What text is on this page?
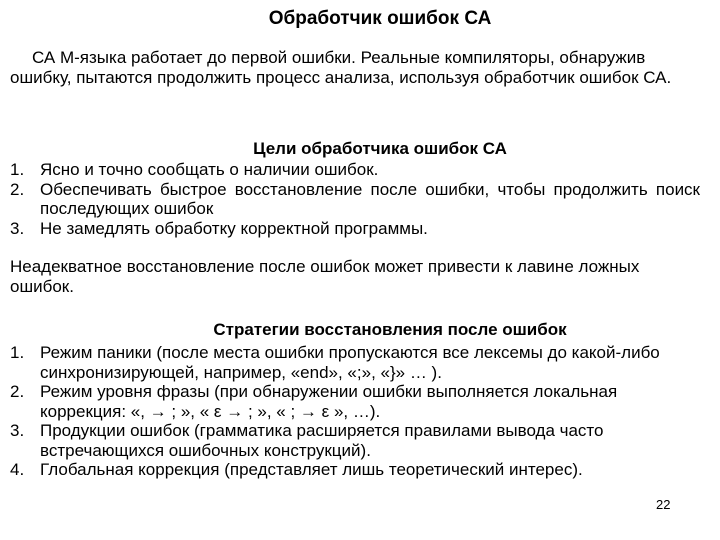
Обработчик ошибок СА
СА М-языка работает до первой ошибки. Реальные компиляторы, обнаружив ошибку, пытаются продолжить процесс анализа, используя обработчик ошибок СА.
Цели обработчика ошибок СА
1. Ясно и точно сообщать о наличии ошибок.
2. Обеспечивать быстрое восстановление после ошибки, чтобы продолжить поиск последующих ошибок
3. Не замедлять обработку корректной программы.
Неадекватное восстановление после ошибок может привести к лавине ложных ошибок.
Стратегии восстановления после ошибок
1. Режим паники (после места ошибки пропускаются все лексемы до какой-либо синхронизирующей, например, «end», «;», «}» … ).
2. Режим уровня фразы (при обнаружении ошибки выполняется локальная коррекция: «, → ; », « ε → ; », « ; → ε », …).
3. Продукции ошибок (грамматика расширяется правилами вывода часто встречающихся ошибочных конструкций).
4. Глобальная коррекция (представляет лишь теоретический интерес).
22
